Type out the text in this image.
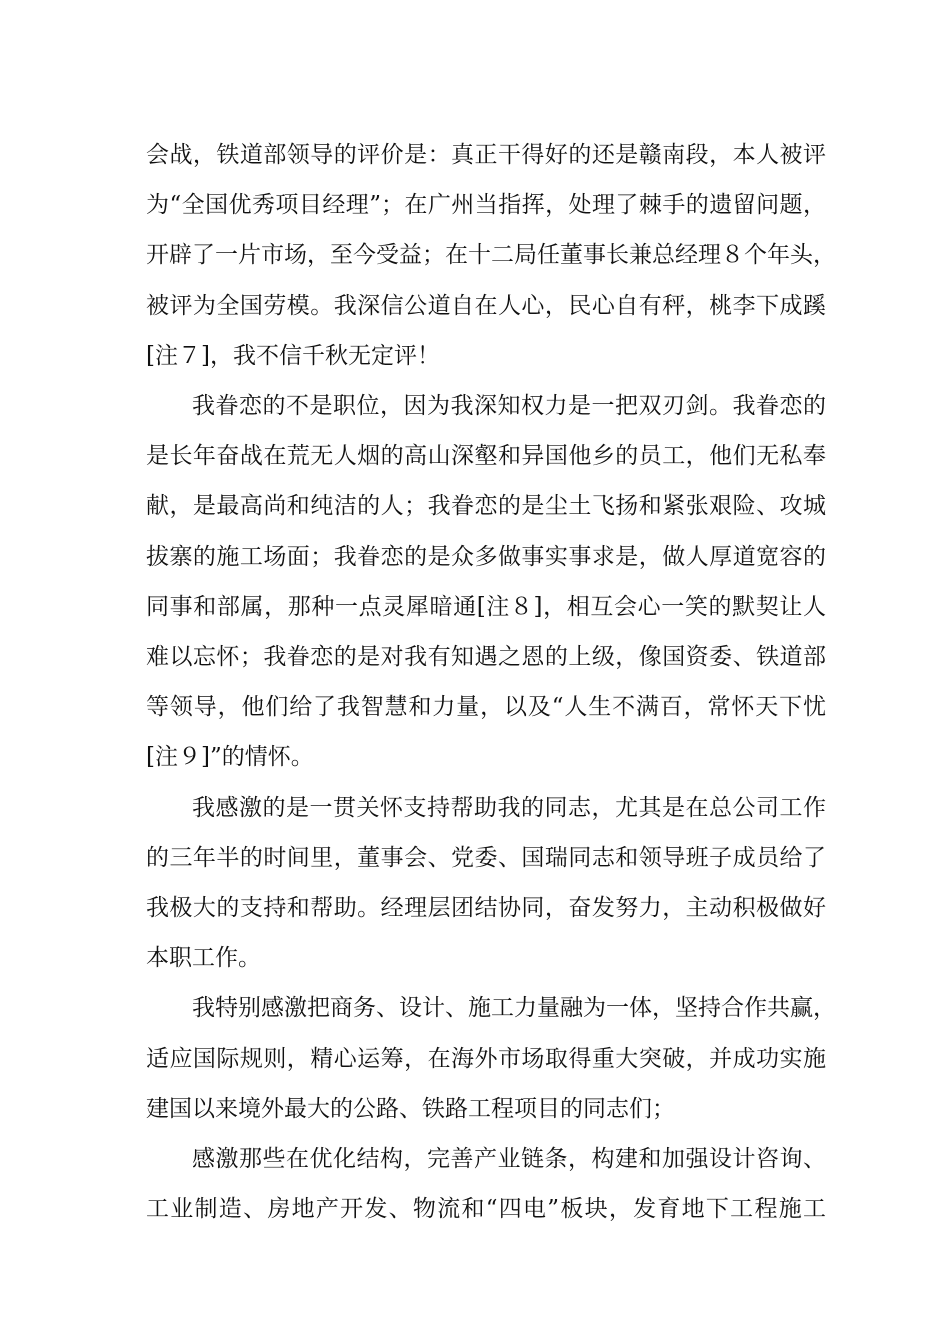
会战，铁道部领导的评价是：真正干得好的还是赣南段，本人被评
为“全国优秀项目经理”；在广州当指挥，处理了棘手的遗留问题，
开辟了一片市场，至今受益；在十二局任董事长兼总经理８个年头，
被评为全国劳模。我深信公道自在人心，民心自有秤，桃李下成蹊
[注７]，我不信千秋无定评！
我眷恋的不是职位，因为我深知权力是一把双刃剑。我眷恋的
是长年奋战在荒无人烟的高山深壑和异国他乡的员工，他们无私奉
献，是最高尚和纯洁的人；我眷恋的是尘土飞扬和紧张艰险、攻城
拔寨的施工场面；我眷恋的是众多做事实事求是，做人厚道宽容的
同事和部属，那种一点灵犀暗通[注８]，相互会心一笑的默契让人
难以忘怀；我眷恋的是对我有知遇之恩的上级，像国资委、铁道部
等领导，他们给了我智慧和力量，以及“人生不满百，常怀天下忧
[注９]”的情怀。
我感激的是一贯关怀支持帮助我的同志，尤其是在总公司工作
的三年半的时间里，董事会、党委、国瑞同志和领导班子成员给了
我极大的支持和帮助。经理层团结协同，奋发努力，主动积极做好
本职工作。
我特别感激把商务、设计、施工力量融为一体，坚持合作共赢，
适应国际规则，精心运筹，在海外市场取得重大突破，并成功实施
建国以来境外最大的公路、铁路工程项目的同志们；
感激那些在优化结构，完善产业链条，构建和加强设计咨询、
工业制造、房地产开发、物流和“四电”板块，发育地下工程施工
